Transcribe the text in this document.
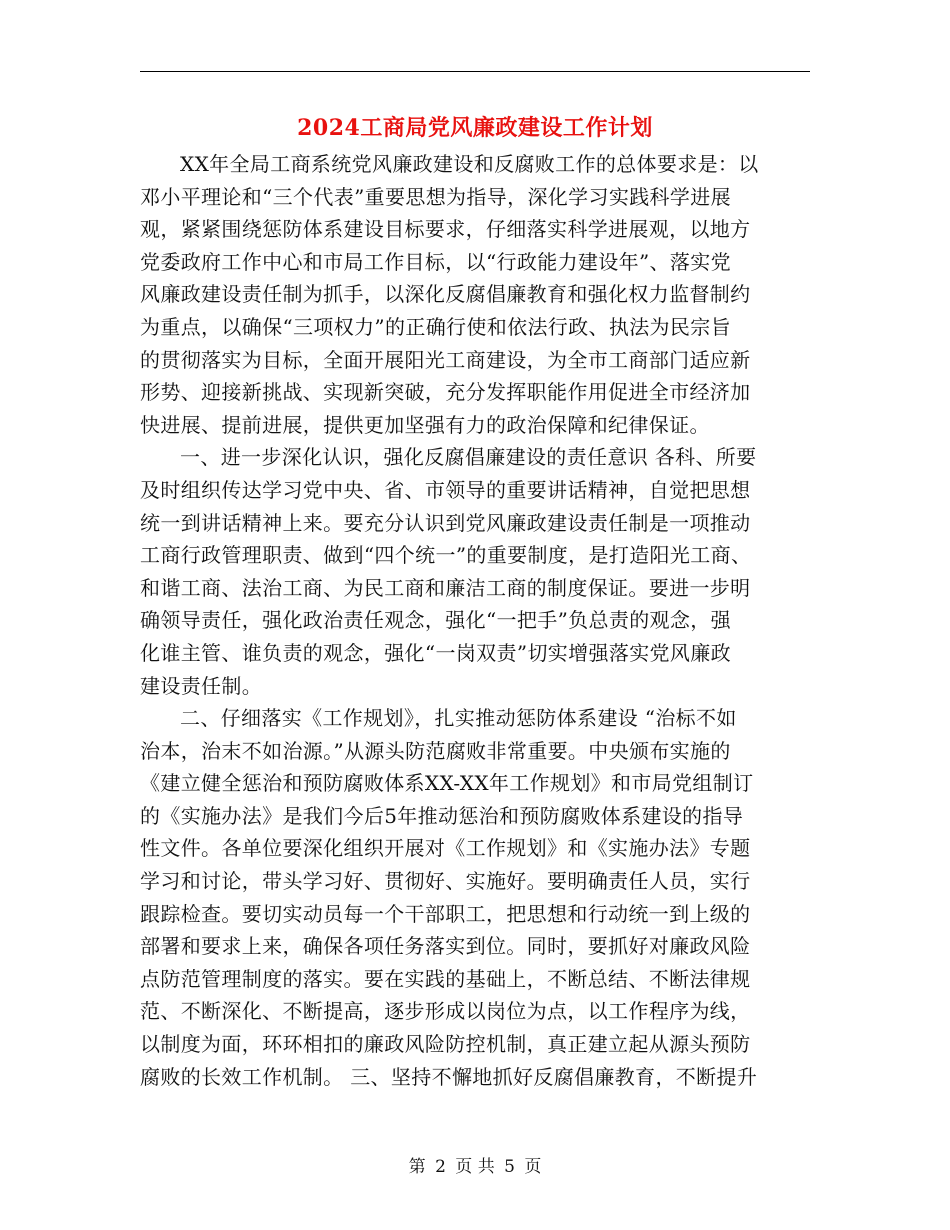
2024工商局党风廉政建设工作计划
XX年全局工商系统党风廉政建设和反腐败工作的总体要求是：以
邓小平理论和“三个代表”重要思想为指导，深化学习实践科学进展
观，紧紧围绕惩防体系建设目标要求，仔细落实科学进展观，以地方
党委政府工作中心和市局工作目标，以“行政能力建设年”、落实党
风廉政建设责任制为抓手，以深化反腐倡廉教育和强化权力监督制约
为重点，以确保“三项权力”的正确行使和依法行政、执法为民宗旨
的贯彻落实为目标，全面开展阳光工商建设，为全市工商部门适应新
形势、迎接新挑战、实现新突破，充分发挥职能作用促进全市经济加
快进展、提前进展，提供更加坚强有力的政治保障和纪律保证。
一、进一步深化认识，强化反腐倡廉建设的责任意识 各科、所要
及时组织传达学习党中央、省、市领导的重要讲话精神，自觉把思想
统一到讲话精神上来。要充分认识到党风廉政建设责任制是一项推动
工商行政管理职责、做到“四个统一”的重要制度，是打造阳光工商、
和谐工商、法治工商、为民工商和廉洁工商的制度保证。要进一步明
确领导责任，强化政治责任观念，强化“一把手”负总责的观念，强
化谁主管、谁负责的观念，强化“一岗双责”切实增强落实党风廉政
建设责任制。
二、仔细落实《工作规划》，扎实推动惩防体系建设 “治标不如
治本，治末不如治源。”从源头防范腐败非常重要。中央颁布实施的
《建立健全惩治和预防腐败体系XX-XX年工作规划》和市局党组制订
的《实施办法》是我们今后5年推动惩治和预防腐败体系建设的指导
性文件。各单位要深化组织开展对《工作规划》和《实施办法》专题
学习和讨论，带头学习好、贯彻好、实施好。要明确责任人员，实行
跟踪检查。要切实动员每一个干部职工，把思想和行动统一到上级的
部署和要求上来，确保各项任务落实到位。同时，要抓好对廉政风险
点防范管理制度的落实。要在实践的基础上，不断总结、不断法律规
范、不断深化、不断提高，逐步形成以岗位为点，以工作程序为线，
以制度为面，环环相扣的廉政风险防控机制，真正建立起从源头预防
腐败的长效工作机制。 三、坚持不懈地抓好反腐倡廉教育，不断提升
第 2 页 共 5 页
